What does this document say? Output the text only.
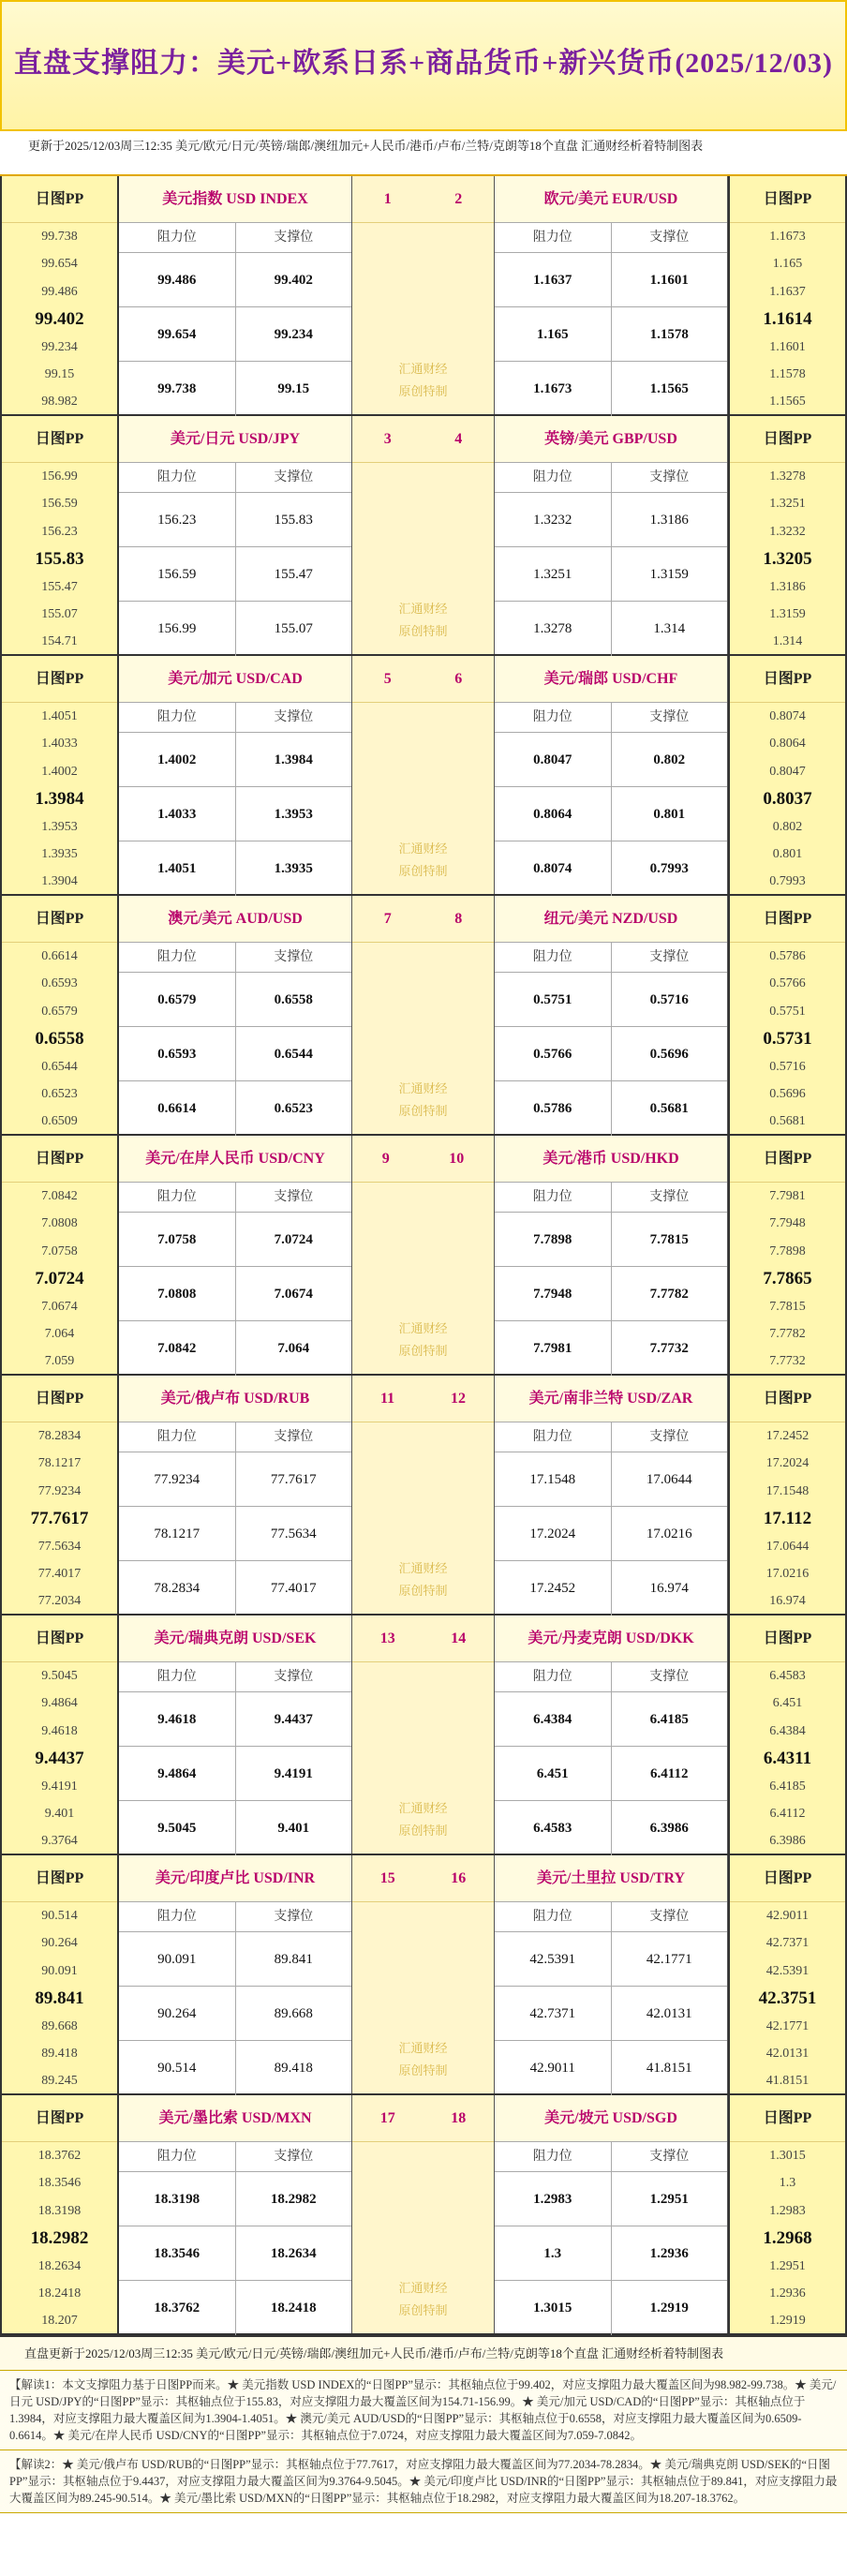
直盘支撑阻力：美元+欧系日系+商品货币+新兴货币(2025/12/03)
更新于2025/12/03周三12:35 美元/欧元/日元/英镑/瑞郎/澳纽加元+人民币/港币/卢布/兰特/克朗等18个直盘 汇通财经析着特制图表
日图PP
99.738
99.654
99.486
99.402
99.234
99.15
98.982
美元指数 USD INDEX
阻力位	支撑位
99.486	99.402
99.654	99.234
99.738	99.15
1	2
汇通财经
原创特制
欧元/美元 EUR/USD
阻力位	支撑位
1.1637	1.1601
1.165	1.1578
1.1673	1.1565
日图PP
1.1673
1.165
1.1637
1.1614
1.1601
1.1578
1.1565
日图PP
156.99
156.59
156.23
155.83
155.47
155.07
154.71
美元/日元 USD/JPY
阻力位	支撑位
156.23	155.83
156.59	155.47
156.99	155.07
3	4
汇通财经
原创特制
英镑/美元 GBP/USD
阻力位	支撑位
1.3232	1.3186
1.3251	1.3159
1.3278	1.314
日图PP
1.3278
1.3251
1.3232
1.3205
1.3186
1.3159
1.314
日图PP
1.4051
1.4033
1.4002
1.3984
1.3953
1.3935
1.3904
美元/加元 USD/CAD
阻力位	支撑位
1.4002	1.3984
1.4033	1.3953
1.4051	1.3935
5	6
汇通财经
原创特制
美元/瑞郎 USD/CHF
阻力位	支撑位
0.8047	0.802
0.8064	0.801
0.8074	0.7993
日图PP
0.8074
0.8064
0.8047
0.8037
0.802
0.801
0.7993
日图PP
0.6614
0.6593
0.6579
0.6558
0.6544
0.6523
0.6509
澳元/美元 AUD/USD
阻力位	支撑位
0.6579	0.6558
0.6593	0.6544
0.6614	0.6523
7	8
汇通财经
原创特制
纽元/美元 NZD/USD
阻力位	支撑位
0.5751	0.5716
0.5766	0.5696
0.5786	0.5681
日图PP
0.5786
0.5766
0.5751
0.5731
0.5716
0.5696
0.5681
日图PP
7.0842
7.0808
7.0758
7.0724
7.0674
7.064
7.059
美元/在岸人民币 USD/CNY
阻力位	支撑位
7.0758	7.0724
7.0808	7.0674
7.0842	7.064
9	10
汇通财经
原创特制
美元/港币 USD/HKD
阻力位	支撑位
7.7898	7.7815
7.7948	7.7782
7.7981	7.7732
日图PP
7.7981
7.7948
7.7898
7.7865
7.7815
7.7782
7.7732
日图PP
78.2834
78.1217
77.9234
77.7617
77.5634
77.4017
77.2034
美元/俄卢布 USD/RUB
阻力位	支撑位
77.9234	77.7617
78.1217	77.5634
78.2834	77.4017
11	12
汇通财经
原创特制
美元/南非兰特 USD/ZAR
阻力位	支撑位
17.1548	17.0644
17.2024	17.0216
17.2452	16.974
日图PP
17.2452
17.2024
17.1548
17.112
17.0644
17.0216
16.974
日图PP
9.5045
9.4864
9.4618
9.4437
9.4191
9.401
9.3764
美元/瑞典克朗 USD/SEK
阻力位	支撑位
9.4618	9.4437
9.4864	9.4191
9.5045	9.401
13	14
汇通财经
原创特制
美元/丹麦克朗 USD/DKK
阻力位	支撑位
6.4384	6.4185
6.451	6.4112
6.4583	6.3986
日图PP
6.4583
6.451
6.4384
6.4311
6.4185
6.4112
6.3986
日图PP
90.514
90.264
90.091
89.841
89.668
89.418
89.245
美元/印度卢比 USD/INR
阻力位	支撑位
90.091	89.841
90.264	89.668
90.514	89.418
15	16
汇通财经
原创特制
美元/土里拉 USD/TRY
阻力位	支撑位
42.5391	42.1771
42.7371	42.0131
42.9011	41.8151
日图PP
42.9011
42.7371
42.5391
42.3751
42.1771
42.0131
41.8151
日图PP
18.3762
18.3546
18.3198
18.2982
18.2634
18.2418
18.207
美元/墨比索 USD/MXN
阻力位	支撑位
18.3198	18.2982
18.3546	18.2634
18.3762	18.2418
17	18
汇通财经
原创特制
美元/坡元 USD/SGD
阻力位	支撑位
1.2983	1.2951
1.3	1.2936
1.3015	1.2919
日图PP
1.3015
1.3
1.2983
1.2968
1.2951
1.2936
1.2919
直盘更新于2025/12/03周三12:35 美元/欧元/日元/英镑/瑞郎/澳纽加元+人民币/港币/卢布/兰特/克朗等18个直盘 汇通财经析着特制图表
【解读1：本文支撑阻力基于日图PP而来。★ 美元指数 USD INDEX的“日图PP”显示：其枢轴点位于99.402，对应支撑阻力最大覆盖区间为98.982-99.738。★ 美元/日元 USD/JPY的“日图PP”显示：其枢轴点位于155.83，对应支撑阻力最大覆盖区间为154.71-156.99。★ 美元/加元 USD/CAD的“日图PP”显示：其枢轴点位于1.3984，对应支撑阻力最大覆盖区间为1.3904-1.4051。★ 澳元/美元 AUD/USD的“日图PP”显示：其枢轴点位于0.6558，对应支撑阻力最大覆盖区间为0.6509-0.6614。★ 美元/在岸人民币 USD/CNY的“日图PP”显示：其枢轴点位于7.0724，对应支撑阻力最大覆盖区间为7.059-7.0842。
【解读2：★ 美元/俄卢布 USD/RUB的“日图PP”显示：其枢轴点位于77.7617，对应支撑阻力最大覆盖区间为77.2034-78.2834。★ 美元/瑞典克朗 USD/SEK的“日图PP”显示：其枢轴点位于9.4437，对应支撑阻力最大覆盖区间为9.3764-9.5045。★ 美元/印度卢比 USD/INR的“日图PP”显示：其枢轴点位于89.841，对应支撑阻力最大覆盖区间为89.245-90.514。★ 美元/墨比索 USD/MXN的“日图PP”显示：其枢轴点位于18.2982，对应支撑阻力最大覆盖区间为18.207-18.3762。
